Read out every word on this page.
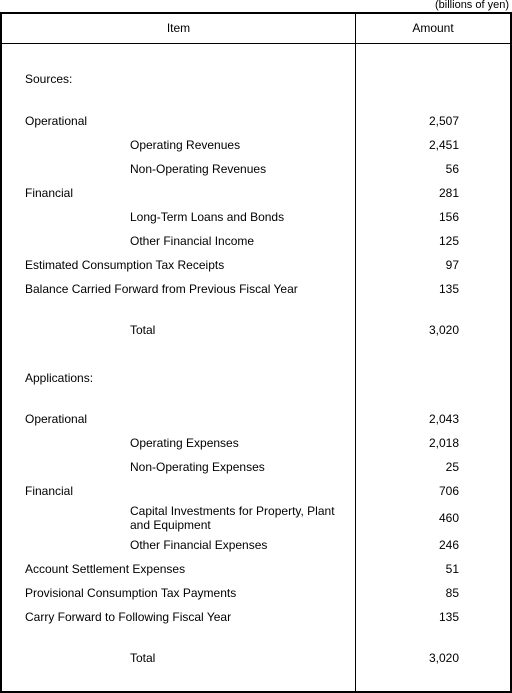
(billions of yen)
Item	Amount
Sources:
Operational	2,507
Operating Revenues	2,451
Non-Operating Revenues	56
Financial	281
Long-Term Loans and Bonds	156
Other Financial Income	125
Estimated Consumption Tax Receipts	97
Balance Carried Forward from Previous Fiscal Year	135
Total	3,020
Applications:
Operational	2,043
Operating Expenses	2,018
Non-Operating Expenses	25
Financial	706
Capital Investments for Property, Plant and Equipment	460
Other Financial Expenses	246
Account Settlement Expenses	51
Provisional Consumption Tax Payments	85
Carry Forward to Following Fiscal Year	135
Total	3,020
